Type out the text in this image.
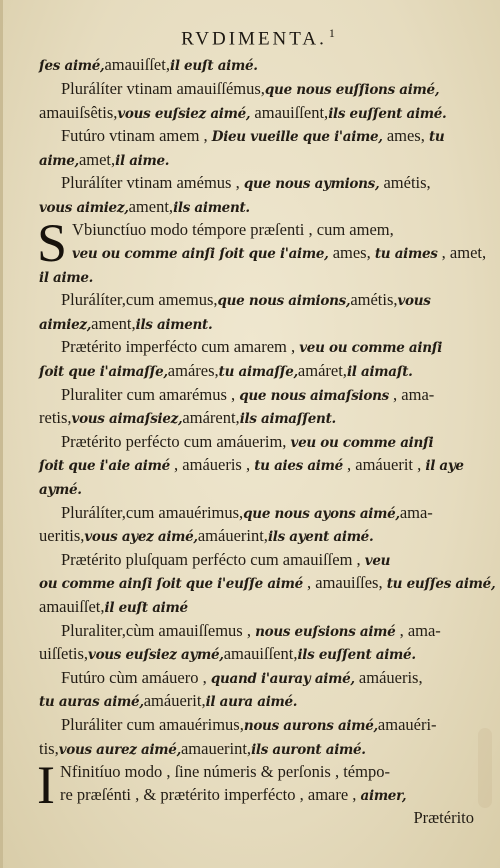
RVDIMENTA. $^1$
ſes aimé,amauiſſet,il euſt aimé.
Plurálíter vtinam amauiſſémus,que nous euſſions aimé,
amauiſsêtis,vous euſsiez aimé, amauiſſent,ils euſſent aimé.
Futúro vtinam amem , Dieu vueille que i'aime, ames, tu
aime,amet,il aime.
Plurálíter vtinam amémus , que nous aymions, amétis,
vous aimiez,ament,ils aiment.
S Vbiunctíuo modo témpore præſenti , cum amem,
veu ou comme ainſi ſoit que i'aime, ames, tu aimes , amet,
il aime.
Plurálíter,cum amemus,que nous aimions,amétis,vous
aimiez,ament,ils aiment.
Prætérito imperfécto cum amarem , veu ou comme ainſi
ſoit que i'aimaſſe,amáres,tu aimaſſe,amáret,il aimaſt.
Pluraliter cum amarémus , que nous aimaſsions , ama-
retis,vous aimaſsiez,amárent,ils aimaſſent.
Prætérito perfécto cum amáuerim, veu ou comme ainſi
ſoit que i'aie aimé , amáueris , tu aies aimé , amáuerit , il aye
aymé.
Plurálíter,cum amauérimus,que nous ayons aimé,ama-
ueritis,vous ayez aimé,amáuerint,ils ayent aimé.
Prætérito pluſquam perfécto cum amauiſſem , veu
ou comme ainſi ſoit que i'euſſe aimé , amauiſſes, tu euſſes aimé,
amauiſſet,il euſt aimé
Pluraliter,cùm amauiſſemus , nous euſsions aimé , ama-
uiſſetis,vous euſsiez aymé,amauiſſent,ils euſſent aimé.
Futúro cùm amáuero , quand i'auray aimé, amáueris,
tu auras aimé,amáuerit,il aura aimé.
Pluráliter cum amauérimus,nous aurons aimé,amauéri-
tis,vous aurez aimé,amauerint,ils auront aimé.
I Nfinitíuo modo , ſine númeris & perſonis , témpo-
re præſénti , & prætérito imperfécto , amare , aimer,
Prætérito
